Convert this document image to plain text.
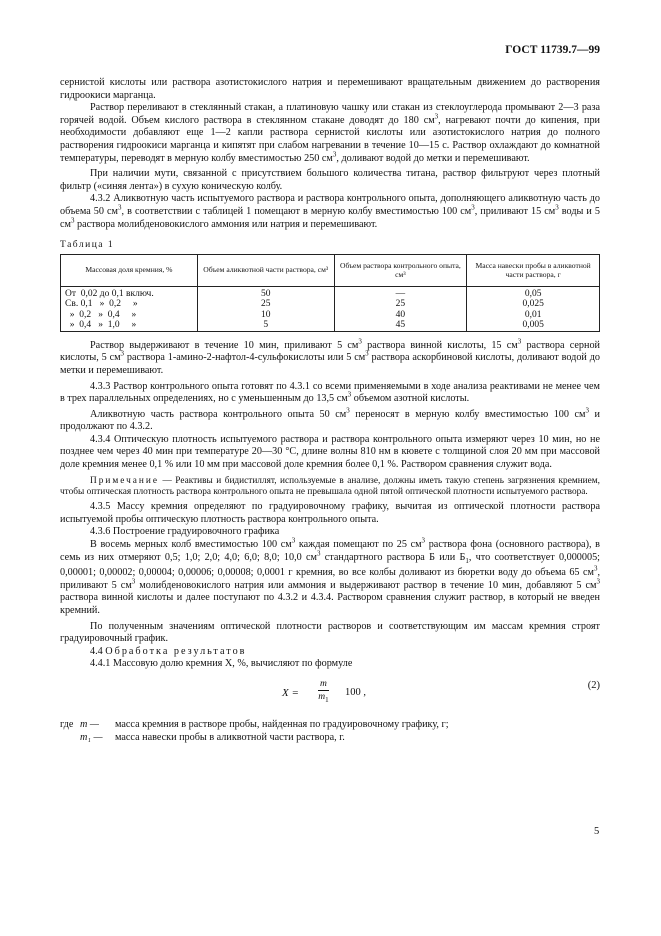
ГОСТ 11739.7—99

сернистой кислоты или раствора азотистокислого натрия и перемешивают вращательным движением до растворения гидроокиси марганца.

Раствор переливают в стеклянный стакан, а платиновую чашку или стакан из стеклоуглерода промывают 2—3 раза горячей водой. Объем кислого раствора в стеклянном стакане доводят до 180 $см^3$, нагревают почти до кипения, при необходимости добавляют еще 1—2 капли раствора сернистой кислоты или азотистокислого натрия до полного растворения гидроокиси марганца и кипятят при слабом нагревании в течение 10—15 с. Раствор охлаждают до комнатной температуры, переводят в мерную колбу вместимостью 250 $см^3$, доливают водой до метки и перемешивают.

При наличии мути, связанной с присутствием большого количества титана, раствор фильтруют через плотный фильтр («синяя лента») в сухую коническую колбу.

4.3.2 Аликвотную часть испытуемого раствора и раствора контрольного опыта, дополняющего аликвотную часть до объема 50 $см^3$, в соответствии с таблицей 1 помещают в мерную колбу вместимостью 100 $см^3$, приливают 15 $см^3$ воды и 5 $см^3$ раствора молибденовокислого аммония или натрия и перемешивают.

Таблица 1
Массовая доля кремния, %	Объем аликвотной части раствора, см³	Объем раствора контрольного опыта, см³	Масса навески пробы в аликвотной части раствора, г
От  0,02 до 0,1 включ.	50	—	0,05
Св. 0,1   »  0,2     »	25	25	0,025
»  0,2   »  0,4     »	10	40	0,01
»  0,4   »  1,0     »	5	45	0,005

Раствор выдерживают в течение 10 мин, приливают 5 $см^3$ раствора винной кислоты, 15 $см^3$ раствора серной кислоты, 5 $см^3$ раствора 1-амино-2-нафтол-4-сульфокислоты или 5 $см^3$ раствора аскорбиновой кислоты, доливают водой до метки и перемешивают.

4.3.3 Раствор контрольного опыта готовят по 4.3.1 со всеми применяемыми в ходе анализа реактивами не менее чем в трех параллельных определениях, но с уменьшенным до 13,5 $см^3$ объемом азотной кислоты.

Аликвотную часть раствора контрольного опыта 50 $см^3$ переносят в мерную колбу вместимостью 100 $см^3$ и продолжают по 4.3.2.

4.3.4 Оптическую плотность испытуемого раствора и раствора контрольного опыта измеряют через 10 мин, но не позднее чем через 40 мин при температуре 20—30 °С, длине волны 810 нм в кювете с толщиной слоя 20 мм при массовой доле кремния менее 0,1 % или 10 мм при массовой доле кремния более 0,1 %. Раствором сравнения служит вода.

Примечание — Реактивы и бидистиллят, используемые в анализе, должны иметь такую степень загрязнения кремнием, чтобы оптическая плотность раствора контрольного опыта не превышала одной пятой оптической плотности испытуемого раствора.

4.3.5 Массу кремния определяют по градуировочному графику, вычитая из оптической плотности раствора испытуемой пробы оптическую плотность раствора контрольного опыта.

4.3.6 Построение градуировочного графика

В восемь мерных колб вместимостью 100 $см^3$ каждая помещают по 25 $см^3$ раствора фона (основного раствора), в семь из них отмеряют 0,5; 1,0; 2,0; 4,0; 6,0; 8,0; 10,0 $см^3$ стандартного раствора Б или $Б_1$, что соответствует 0,000005; 0,00001; 0,00002; 0,00004; 0,00006; 0,00008; 0,0001 г кремния, во все колбы доливают из бюретки воду до объема 65 $см^3$, приливают 5 $см^3$ молибденовокислого натрия или аммония и выдерживают раствор в течение 10 мин, добавляют 5 $см^3$ раствора винной кислоты и далее поступают по 4.3.2 и 4.3.4. Раствором сравнения служит раствор, в который не введен кремний.

По полученным значениям оптической плотности растворов и соответствующим им массам кремния строят градуировочный график.

4.4 Обработка результатов

4.4.1 Массовую долю кремния X, %, вычисляют по формуле

$X = \frac{m}{m_1} 100$ ,
(2)
где m — масса кремния в растворе пробы, найденная по градуировочному графику, г;
m₁ — масса навески пробы в аликвотной части раствора, г.
5
